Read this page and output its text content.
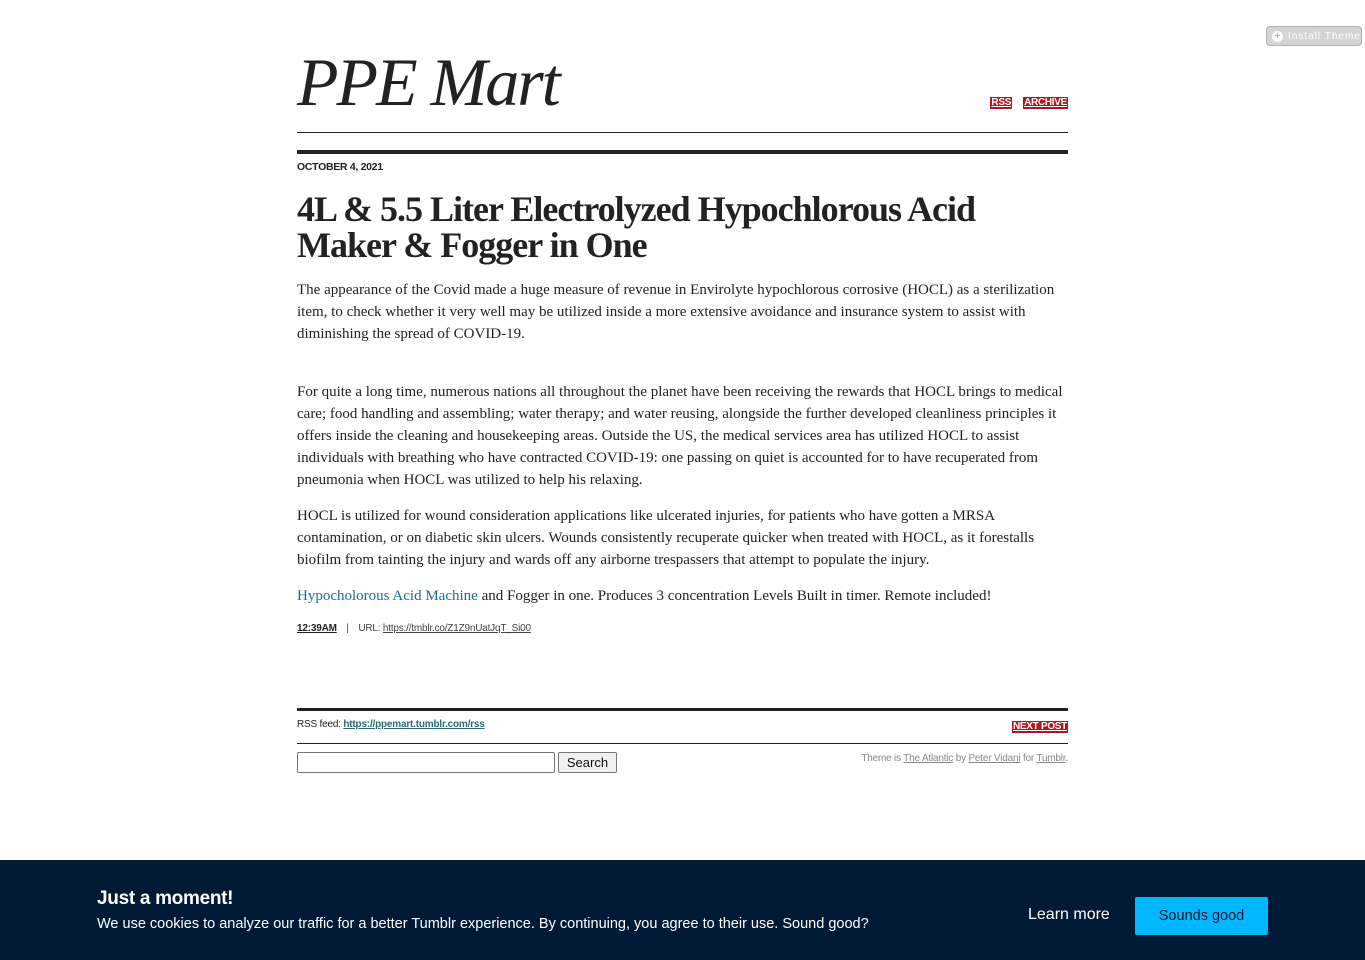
+ Install Theme
PPE Mart	RSS ARCHIVE
OCTOBER 4, 2021
4L & 5.5 Liter Electrolyzed Hypochlorous Acid Maker & Fogger in One

The appearance of the Covid made a huge measure of revenue in Envirolyte hypochlorous corrosive (HOCL) as a sterilization item, to check whether it very well may be utilized inside a more extensive avoidance and insurance system to assist with diminishing the spread of COVID-19.

For quite a long time, numerous nations all throughout the planet have been receiving the rewards that HOCL brings to medical care; food handling and assembling; water therapy; and water reusing, alongside the further developed cleanliness principles it offers inside the cleaning and housekeeping areas. Outside the US, the medical services area has utilized HOCL to assist individuals with breathing who have contracted COVID-19: one passing on quiet is accounted for to have recuperated from pneumonia when HOCL was utilized to help his relaxing.

HOCL is utilized for wound consideration applications like ulcerated injuries, for patients who have gotten a MRSA contamination, or on diabetic skin ulcers. Wounds consistently recuperate quicker when treated with HOCL, as it forestalls biofilm from tainting the injury and wards off any airborne trespassers that attempt to populate the injury.

Hypocholorous Acid Machine and Fogger in one. Produces 3 concentration Levels Built in timer. Remote included!

12:39AM | URL: https://tmblr.co/Z1Z9nUatJqT_Si00
RSS feed: https://ppemart.tumblr.com/rss	NEXT POST
Search	Theme is The Atlantic by Peter Vidani for Tumblr.
Just a moment!
We use cookies to analyze our traffic for a better Tumblr experience. By continuing, you agree to their use. Sound good?
Learn more	Sounds good
